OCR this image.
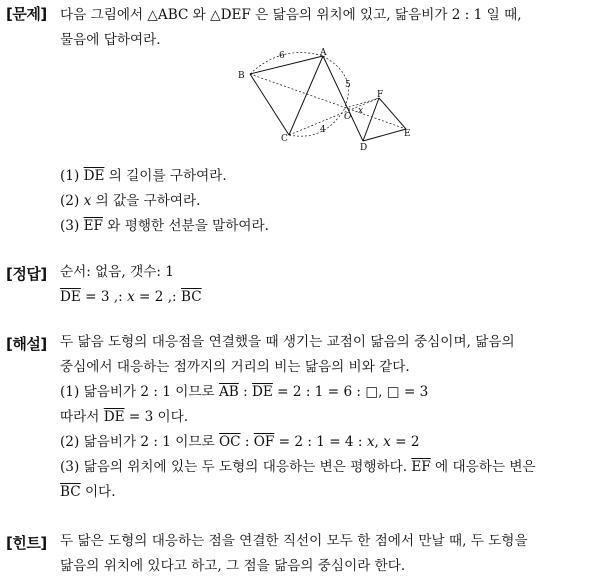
[문제] 다음 그림에서 △ABC 와 △DEF 은 닮음의 위치에 있고, 닮음비가 2 : 1 일 때,
물음에 답하여라.
A
B
C
O
D
E
F
6
5
4
x
(1) $\overline{DE}$ 의 길이를 구하여라.
(2) x 의 값을 구하여라.
(3) $\overline{EF}$ 와 평행한 선분을 말하여라.
[정답] 순서: 없음, 갯수: 1
$\overline{DE} = 3$ ,: x = 2 ,: $\overline{BC}$
[해설] 두 닮음 도형의 대응점을 연결했을 때 생기는 교점이 닮음의 중심이며, 닮음의
중심에서 대응하는 점까지의 거리의 비는 닮음의 비와 같다.
(1) 닮음비가 2 : 1 이므로 $\overline{AB}$ : $\overline{DE} = 2$ : 1 = 6 : □, □ = 3
따라서 $\overline{DE} = 3$ 이다.
(2) 닮음비가 2 : 1 이므로 $\overline{OC}$ : $\overline{OF} = 2$ : 1 = 4 : x, x = 2
(3) 닮음의 위치에 있는 두 도형의 대응하는 변은 평행하다. $\overline{EF}$ 에 대응하는 변은
$\overline{BC}$ 이다.
[힌트] 두 닮은 도형의 대응하는 점을 연결한 직선이 모두 한 점에서 만날 때, 두 도형을
닮음의 위치에 있다고 하고, 그 점을 닮음의 중심이라 한다.
